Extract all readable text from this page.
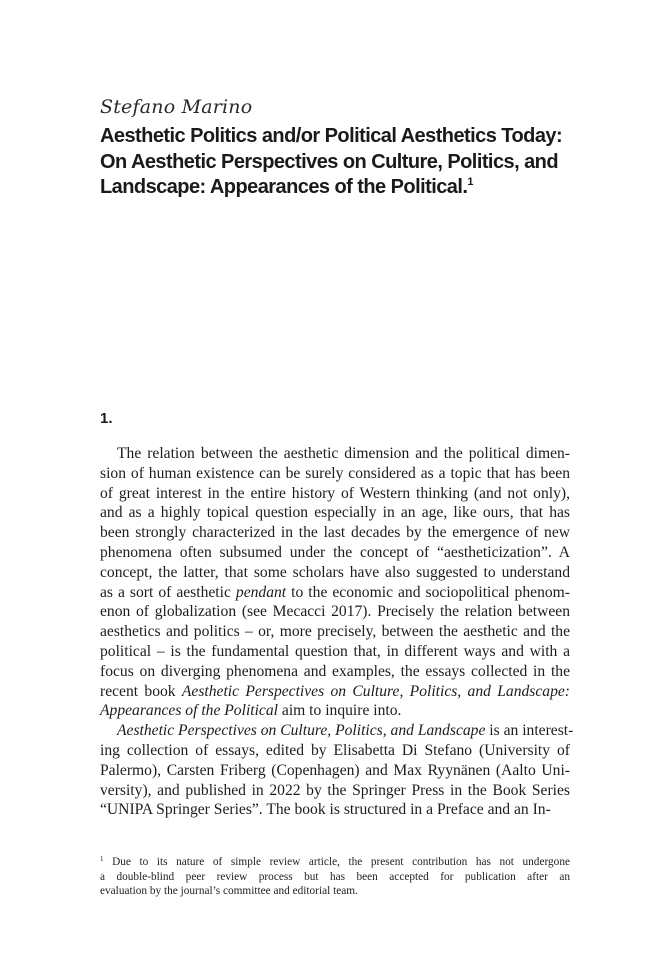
Stefano Marino
Aesthetic Politics and/or Political Aesthetics Today:
On Aesthetic Perspectives on Culture, Politics, and
Landscape: Appearances of the Political.$^1$
1.
The relation between the aesthetic dimension and the political dimen-
sion of human existence can be surely considered as a topic that has been
of great interest in the entire history of Western thinking (and not only),
and as a highly topical question especially in an age, like ours, that has
been strongly characterized in the last decades by the emergence of new
phenomena often subsumed under the concept of “aestheticization”. A
concept, the latter, that some scholars have also suggested to understand
as a sort of aesthetic pendant to the economic and sociopolitical phenom-
enon of globalization (see Mecacci 2017). Precisely the relation between
aesthetics and politics – or, more precisely, between the aesthetic and the
political – is the fundamental question that, in different ways and with a
focus on diverging phenomena and examples, the essays collected in the
recent book Aesthetic Perspectives on Culture, Politics, and Landscape:
Appearances of the Political aim to inquire into.
Aesthetic Perspectives on Culture, Politics, and Landscape is an interest-
ing collection of essays, edited by Elisabetta Di Stefano (University of
Palermo), Carsten Friberg (Copenhagen) and Max Ryynänen (Aalto Uni-
versity), and published in 2022 by the Springer Press in the Book Series
“UNIPA Springer Series”. The book is structured in a Preface and an In-
$^1$ Due to its nature of simple review article, the present contribution has not undergone
a double-blind peer review process but has been accepted for publication after an
evaluation by the journal’s committee and editorial team.
